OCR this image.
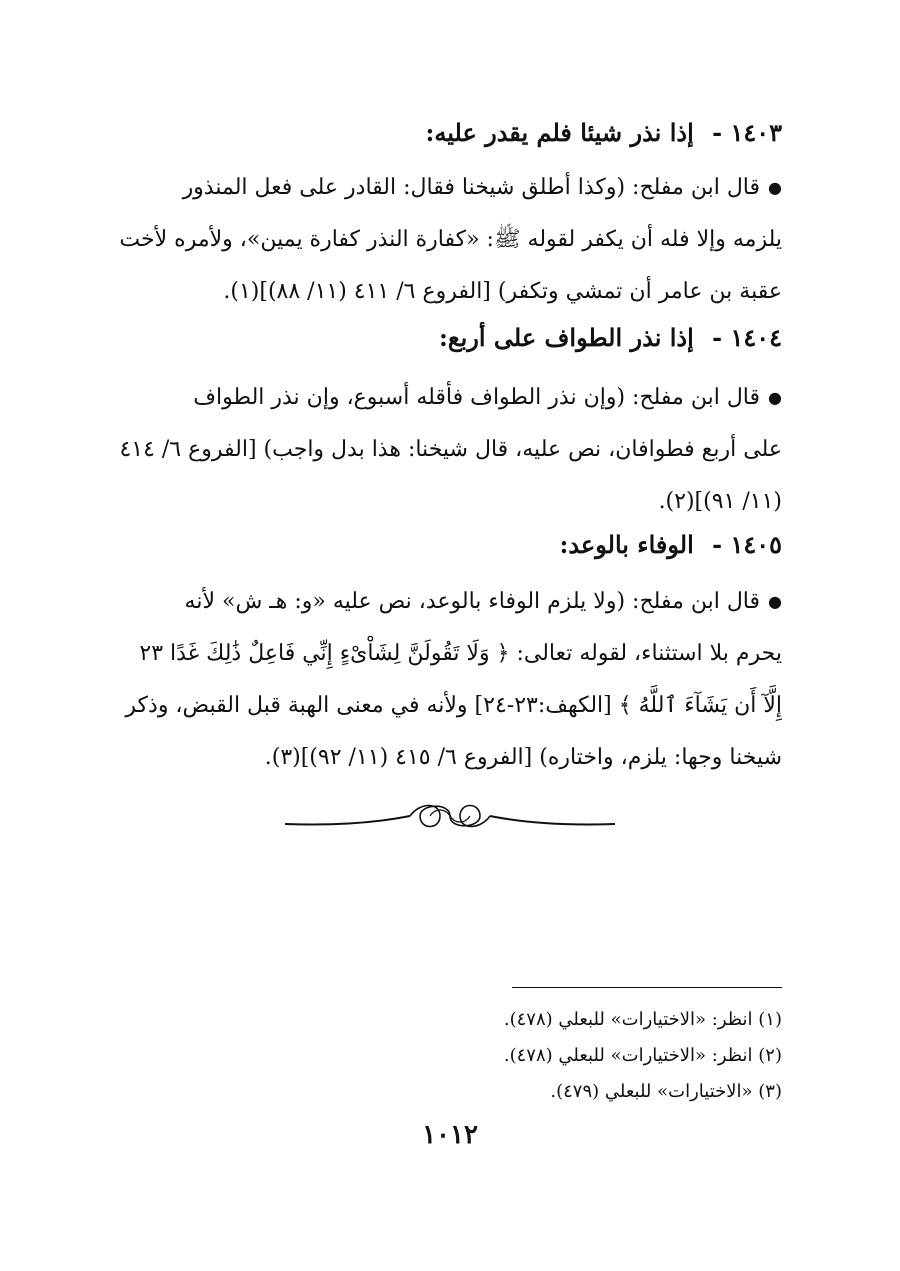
١٤٠٣ - إذا نذر شيئا فلم يقدر عليه:

●قال ابن مفلح: (وكذا أطلق شيخنا فقال: القادر على فعل المنذور

يلزمه وإلا فله أن يكفر لقوله ﷺ: «كفارة النذر كفارة يمين»، ولأمره لأخت

عقبة بن عامر أن تمشي وتكفر) [الفروع ٦/ ٤١١ (١١/ ٨٨)](١).

١٤٠٤ - إذا نذر الطواف على أربع:

●قال ابن مفلح: (وإن نذر الطواف فأقله أسبوع، وإن نذر الطواف

على أربع فطوافان، نص عليه، قال شيخنا: هذا بدل واجب) [الفروع ٦/ ٤١٤

(١١/ ٩١)](٢).

١٤٠٥ - الوفاء بالوعد:

●قال ابن مفلح: (ولا يلزم الوفاء بالوعد، نص عليه «و: هـ ش» لأنه

يحرم بلا استثناء، لقوله تعالى: ﴿ وَلَا تَقُولَنَّ لِشَاْىْءٍ إِنِّي فَاعِلٌ ذَٰلِكَ غَدًا ٢٣

إِلَّآ أَن يَشَآءَ ٱللَّهُ ﴾ [الكهف:٢٣-٢٤] ولأنه في معنى الهبة قبل القبض، وذكر

شيخنا وجها: يلزم، واختاره) [الفروع ٦/ ٤١٥ (١١/ ٩٢)](٣).

(١) انظر: «الاختيارات» للبعلي (٤٧٨).
(٢) انظر: «الاختيارات» للبعلي (٤٧٨).
(٣) «الاختيارات» للبعلي (٤٧٩).
١٠١٢
